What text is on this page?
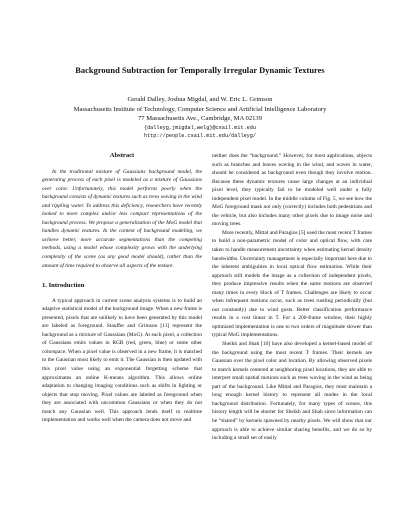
Background Subtraction for Temporally Irregular Dynamic Textures
Gerald Dalley, Joshua Migdal, and W. Eric L. Grimson
Massachusetts Institute of Technology, Computer Science and Artificial Intelligence Laboratory
77 Massachusetts Ave., Cambridge, MA 02139
{dalleyg,jmigdal,welg}@csail.mit.edu
http://people.csail.mit.edu/dalleyg/
Abstract

In the traditional mixture of Gaussians background model, the generating process of each pixel is modeled as a mixture of Gaussians over color. Unfortunately, this model performs poorly when the background consists of dynamic textures such as trees waving in the wind and rippling water. To address this deficiency, researchers have recently looked to more complex and/or less compact representations of the background process. We propose a generalization of the MoG model that handles dynamic textures. In the context of background modeling, we achieve better, more accurate segmentations than the competing methods, using a model whose complexity grows with the underlying complexity of the scene (as any good model should), rather than the amount of time required to observe all aspects of the texture.

1. Introduction

A typical approach in current scene analysis systems is to build an adaptive statistical model of the background image. When a new frame is presented, pixels that are unlikely to have been generated by this model are labeled as foreground. Stauffer and Grimson [11] represent the background as a mixture of Gaussians (MoG). At each pixel, a collection of Gaussians emits values in RGB (red, green, blue) or some other colorspace. When a pixel value is observed in a new frame, it is matched to the Gaussian most likely to emit it. The Gaussian is then updated with this pixel value using an exponential forgetting scheme that approximates an online K-means algorithm. This allows online adaptation to changing imaging conditions such as shifts in lighting or objects that stop moving. Pixel values are labeled as foreground when they are associated with uncommon Gaussians or when they do not match any Gaussian well. This approach lends itself to realtime implementation and works well when the camera does not move and

neither does the “background.” However, for most applications, objects such as branches and leaves waving in the wind, and waves in water, should be considered as background even though they involve motion. Because these dynamic textures cause large changes at an individual pixel level, they typically fail to be modeled well under a fully independent pixel model. In the middle column of Fig. 5, we see how the MoG foreground mask not only (correctly) includes both pedestrians and the vehicle, but also includes many other pixels due to image noise and moving trees.

More recently, Mittal and Paragios [5] used the most recent T frames to build a non-parametric model of color and optical flow, with care taken to handle measurement uncertainty when estimating kernel density bandwidths. Uncertainty management is especially important here due to the inherent ambiguities in local optical flow estimation. While their approach still models the image as a collection of independent pixels, they produce impressive results when the same motions are observed many times in every block of T frames. Challenges are likely to occur when infrequent motions occur, such as trees rustling periodically (but not constantly) due to wind gusts. Better classification performance results in a cost linear in T. For a 200-frame window, their highly optimized implementation is one to two orders of magnitude slower than typical MoG implementations.

Sheikh and Shah [10] have also developed a kernel-based model of the background using the most recent T frames. Their kernels are Gaussian over the pixel color and location. By allowing observed pixels to match kernels centered at neighboring pixel locations, they are able to interpret small spatial motions such as trees waving in the wind as being part of the background. Like Mittal and Paragios, they must maintain a long enough kernel history to represent all modes in the local background distribution. Fortunately, for many types of scenes, this history length will be shorter for Sheikh and Shah since information can be “shared” by kernels spawned by nearby pixels. We will show that our approach is able to achieve similar sharing benefits, and we do so by including a small set of easily
